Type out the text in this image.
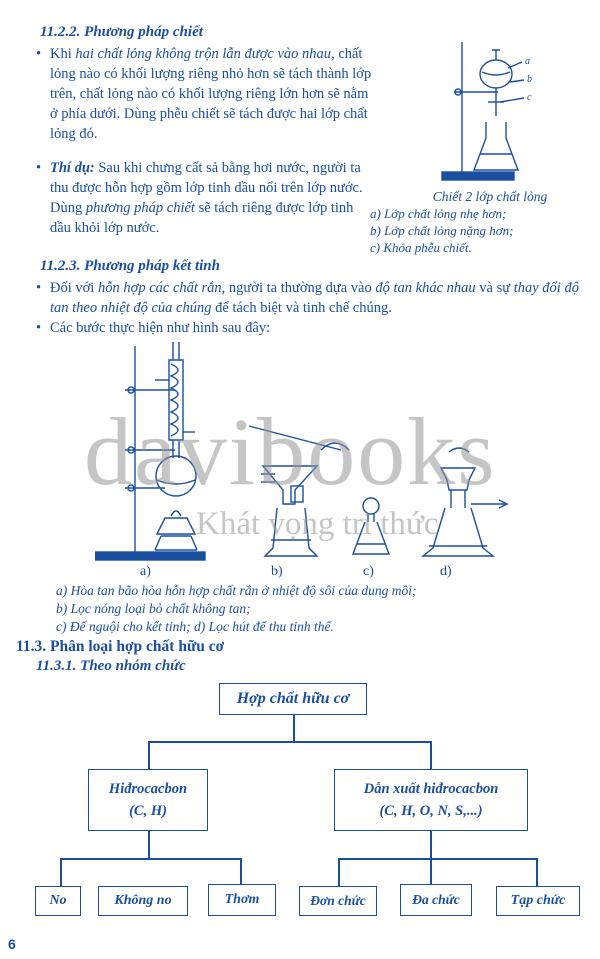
11.2.2. Phương pháp chiết
• Khi hai chất lỏng không trộn lẫn được vào nhau, chất lỏng nào có khối lượng riêng nhỏ hơn sẽ tách thành lớp trên, chất lỏng nào có khối lượng riêng lớn hơn sẽ nằm ở phía dưới. Dùng phễu chiết sẽ tách được hai lớp chất lỏng đó.
• Thí dụ: Sau khi chưng cất sả bằng hơi nước, người ta thu được hỗn hợp gồm lớp tinh dầu nổi trên lớp nước. Dùng phương pháp chiết sẽ tách riêng được lớp tinh dầu khỏi lớp nước.
a
b
c
Chiết 2 lớp chất lỏng
a) Lớp chất lỏng nhẹ hơn;
b) Lớp chất lỏng nặng hơn;
c) Khóa phễu chiết.
11.2.3. Phương pháp kết tinh
• Đối với hỗn hợp các chất rắn, người ta thường dựa vào độ tan khác nhau và sự thay đổi độ tan theo nhiệt độ của chúng để tách biệt và tinh chế chúng.
• Các bước thực hiện như hình sau đây:
a)	b)	c)	d)
a) Hòa tan bão hòa hỗn hợp chất rắn ở nhiệt độ sôi của dung môi;
b) Lọc nóng loại bỏ chất không tan;
c) Để nguội cho kết tinh; d) Lọc hút để thu tinh thể.
davibooks
Khát vọng tri thức
11.3. Phân loại hợp chất hữu cơ
11.3.1. Theo nhóm chức
Hợp chất hữu cơ
Hiđrocacbon
(C, H)
Dẫn xuất hiđrocacbon
(C, H, O, N, S,...)
No	Không no	Thơm	Đơn chức	Đa chức	Tạp chức
6
